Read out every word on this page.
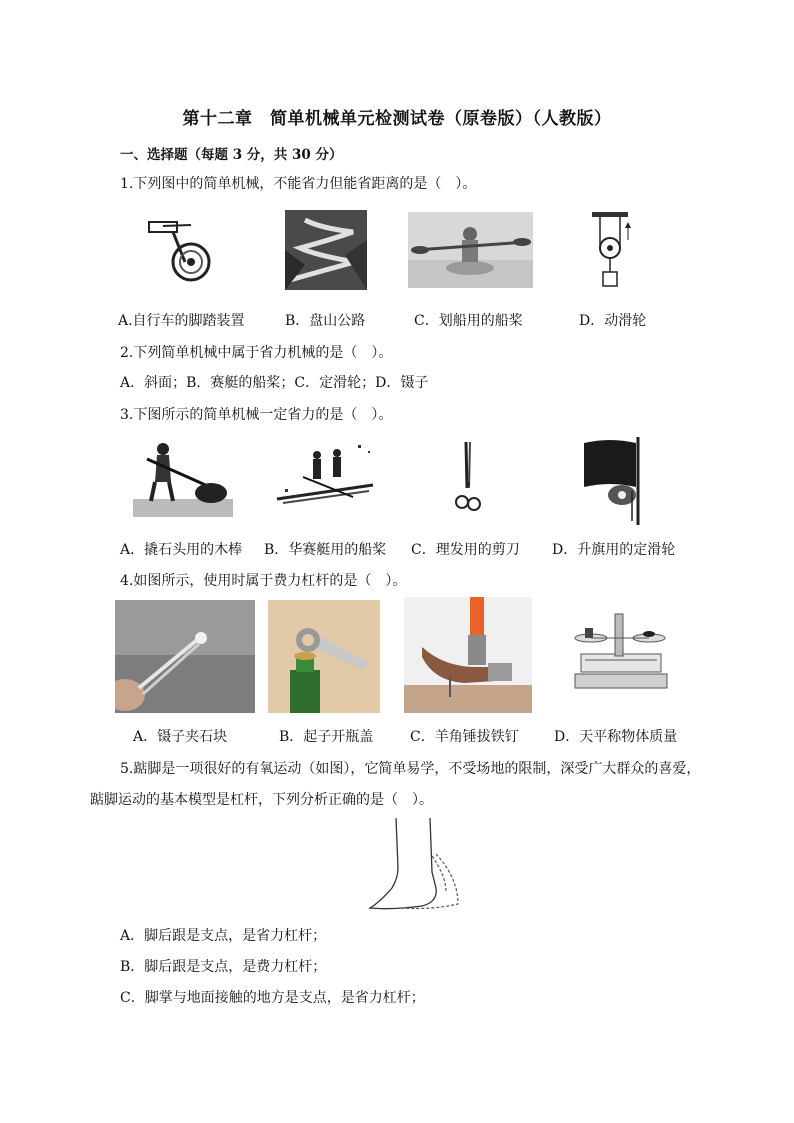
第十二章　简单机械单元检测试卷（原卷版）（人教版）
一、选择题（每题 3 分，共 30 分）
1.下列图中的简单机械，不能省力但能省距离的是（　）。
A.自行车的脚踏装置	B．盘山公路	C．划船用的船桨	D．动滑轮
2.下列简单机械中属于省力机械的是（　）。
A．斜面；B．赛艇的船桨；C．定滑轮；D．镊子
3.下图所示的简单机械一定省力的是（　）。
A．撬石头用的木棒 B．华赛艇用的船桨 C．理发用的剪刀 D．升旗用的定滑轮
4.如图所示，使用时属于费力杠杆的是（　）。
A．镊子夹石块	B．起子开瓶盖	C．羊角锤拔铁钉	D．天平称物体质量
5.踮脚是一项很好的有氧运动（如图），它简单易学，不受场地的限制，深受广大群众的喜爱，
踮脚运动的基本模型是杠杆，下列分析正确的是（　）。
A．脚后跟是支点，是省力杠杆；
B．脚后跟是支点，是费力杠杆；
C．脚掌与地面接触的地方是支点，是省力杠杆；
